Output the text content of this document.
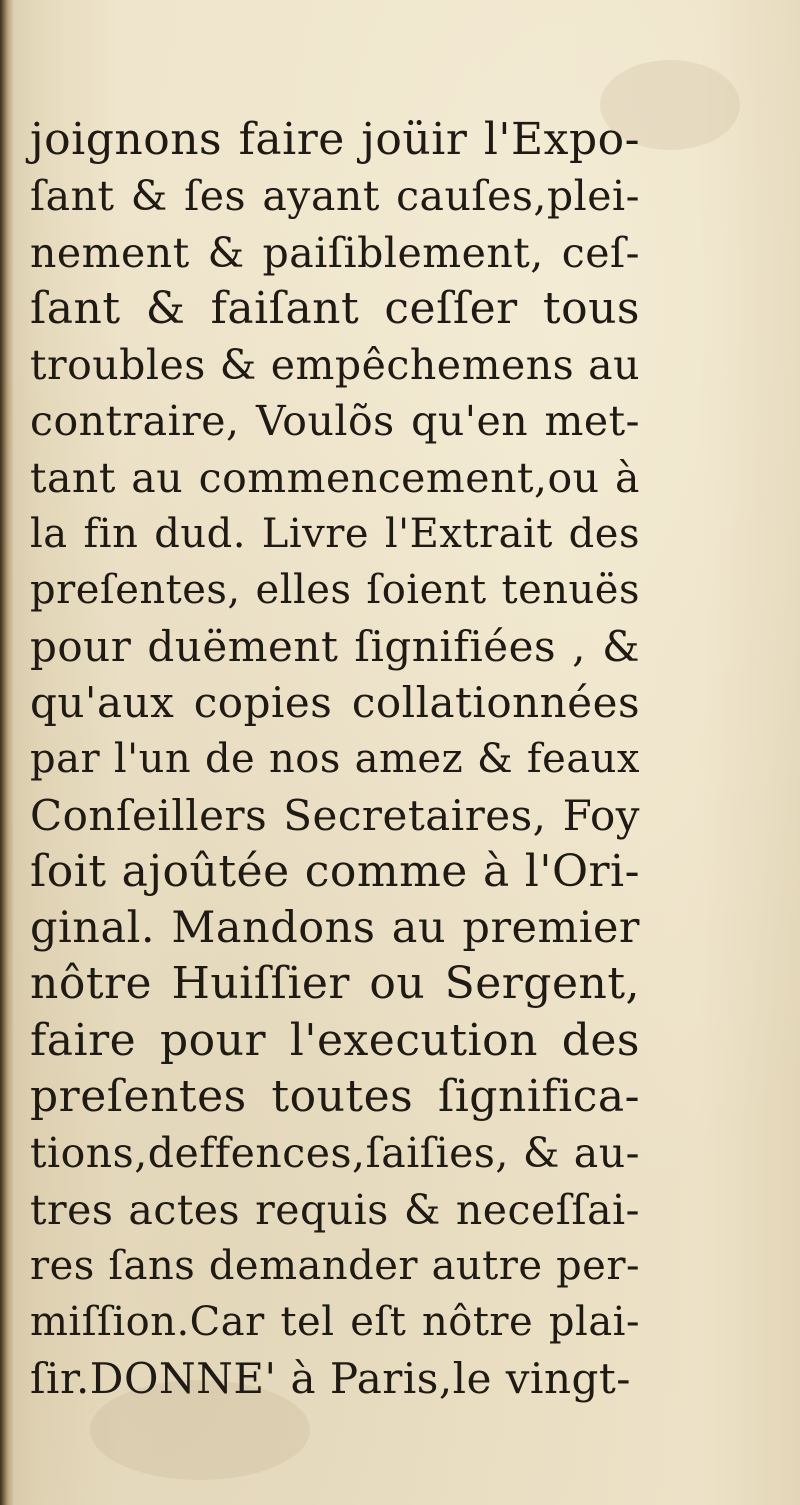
joignons faire joüir l'Expo-
ſant & ſes ayant cauſes,plei-
nement & paiſiblement, ceſ-
ſant & faiſant ceſſer tous
troubles & empêchemens au
contraire, Voulõs qu'en met-
tant au commencement,ou à
la fin dud. Livre l'Extrait des
preſentes, elles ſoient tenuës
pour duëment ſignifiées , &
qu'aux copies collationnées
par l'un de nos amez & feaux
Conſeillers Secretaires, Foy
ſoit ajoûtée comme à l'Ori-
ginal. Mandons au premier
nôtre Huiſſier ou Sergent,
faire pour l'execution des
preſentes toutes ſignifica-
tions,deffences,ſaiſies, & au-
tres actes requis & neceſſai-
res ſans demander autre per-
miſſion.Car tel eſt nôtre plai-
ſir.DONNE' à Paris,le vingt-
